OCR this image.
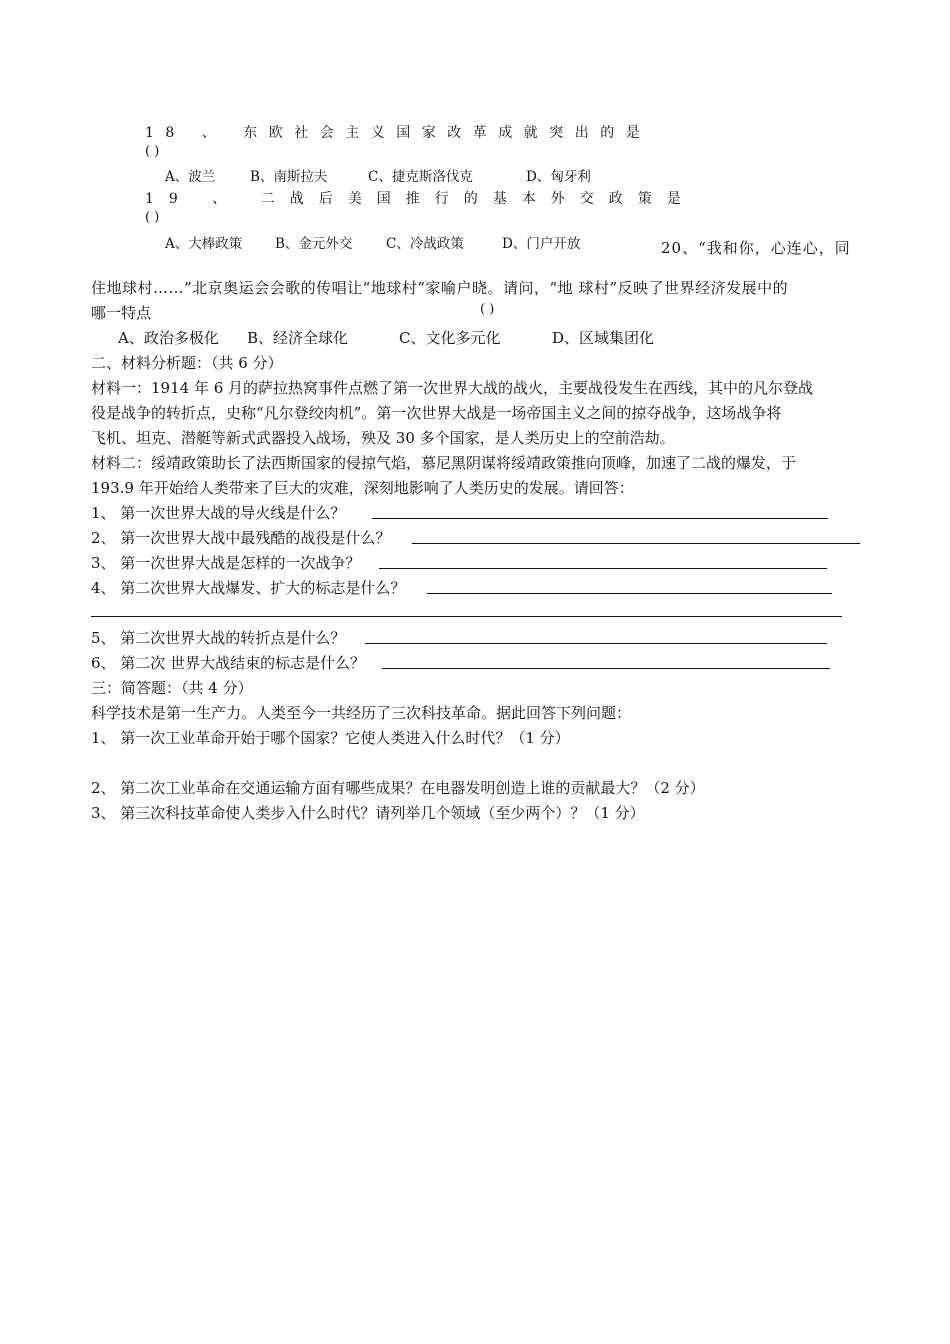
18 、 东欧社会主义国家改革成就突出的是
( )
A、波兰	B、南斯拉夫	C、捷克斯洛伐克	D、匈牙利
19 、 二战后美国推行的基本外交政策是
( )
A、大棒政策 B、金元外交 C、冷战政策	D、门户开放	20、“我和你，心连心，同
住地球村……”北京奥运会会歌的传唱让“地球村”家喻户晓。请问，“地 球村”反映了世界经济发展中的
哪一特点	( )
A、政治多极化 B、经济全球化	C、文化多元化	D、区域集团化
二、材料分析题：（共 6 分）
材料一：1914 年 6 月的萨拉热窝事件点燃了第一次世界大战的战火，主要战役发生在西线，其中的凡尔登战
役是战争的转折点，史称“凡尔登绞肉机”。第一次世界大战是一场帝国主义之间的掠夺战争，这场战争将
飞机、坦克、潜艇等新式武器投入战场，殃及 30 多个国家，是人类历史上的空前浩劫。
材料二：绥靖政策助长了法西斯国家的侵掠气焰，慕尼黑阴谋将绥靖政策推向顶峰，加速了二战的爆发，于
193.9 年开始给人类带来了巨大的灾难，深刻地影响了人类历史的发展。请回答：
1、 第一次世界大战的导火线是什么？
2、 第一次世界大战中最残酷的战役是什么？
3、 第一次世界大战是怎样的一次战争？
4、 第二次世界大战爆发、扩大的标志是什么？
5、 第二次世界大战的转折点是什么？
6、 第二次 世界大战结束的标志是什么？
三：简答题：（共 4 分）
科学技术是第一生产力。人类至今一共经历了三次科技革命。据此回答下列问题：
1、 第一次工业革命开始于哪个国家？它使人类进入什么时代？（1 分）
2、 第二次工业革命在交通运输方面有哪些成果？在电器发明创造上谁的贡献最大？（2 分）
3、 第三次科技革命使人类步入什么时代？请列举几个领域（至少两个）？（1 分）
